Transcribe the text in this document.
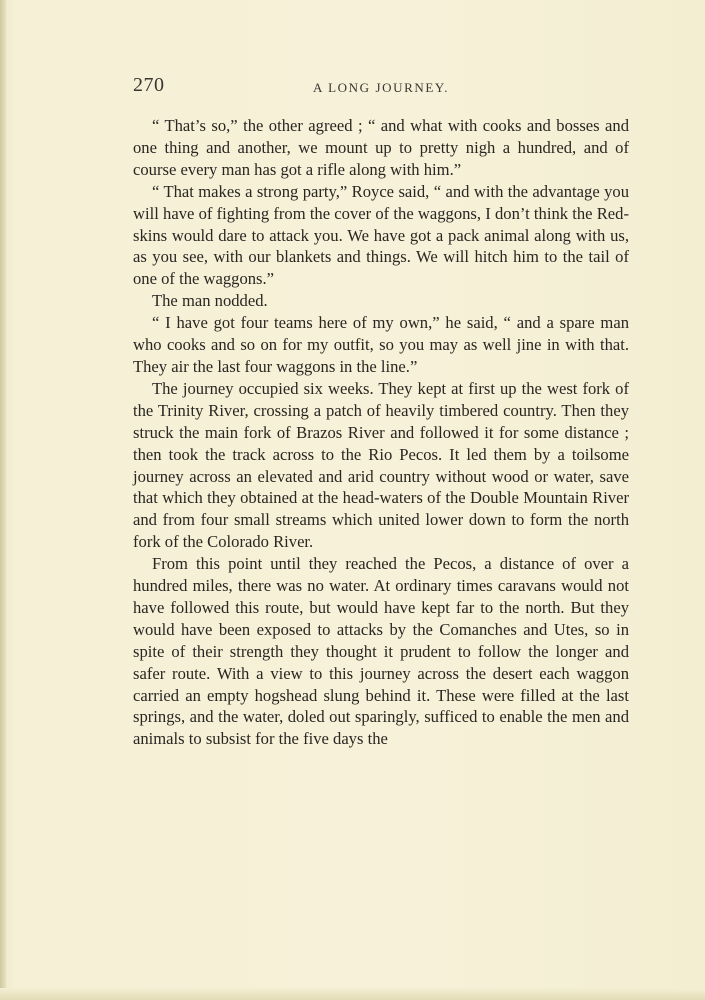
270	A LONG JOURNEY.

“ That’s so,” the other agreed ; “ and what with cooks and bosses and one thing and another, we mount up to pretty nigh a hundred, and of course every man has got a rifle along with him.”

“ That makes a strong party,” Royce said, “ and with the advantage you will have of fighting from the cover of the waggons, I don’t think the Red-skins would dare to attack you. We have got a pack animal along with us, as you see, with our blankets and things. We will hitch him to the tail of one of the waggons.”

The man nodded.

“ I have got four teams here of my own,” he said, “ and a spare man who cooks and so on for my outfit, so you may as well jine in with that. They air the last four waggons in the line.”

The journey occupied six weeks. They kept at first up the west fork of the Trinity River, crossing a patch of heavily timbered country. Then they struck the main fork of Brazos River and followed it for some distance ; then took the track across to the Rio Pecos. It led them by a toilsome journey across an elevated and arid country without wood or water, save that which they obtained at the head-waters of the Double Mountain River and from four small streams which united lower down to form the north fork of the Colorado River.

From this point until they reached the Pecos, a distance of over a hundred miles, there was no water. At ordinary times caravans would not have followed this route, but would have kept far to the north. But they would have been exposed to attacks by the Comanches and Utes, so in spite of their strength they thought it prudent to follow the longer and safer route. With a view to this journey across the desert each waggon carried an empty hogshead slung behind it. These were filled at the last springs, and the water, doled out sparingly, sufficed to enable the men and animals to subsist for the five days the
